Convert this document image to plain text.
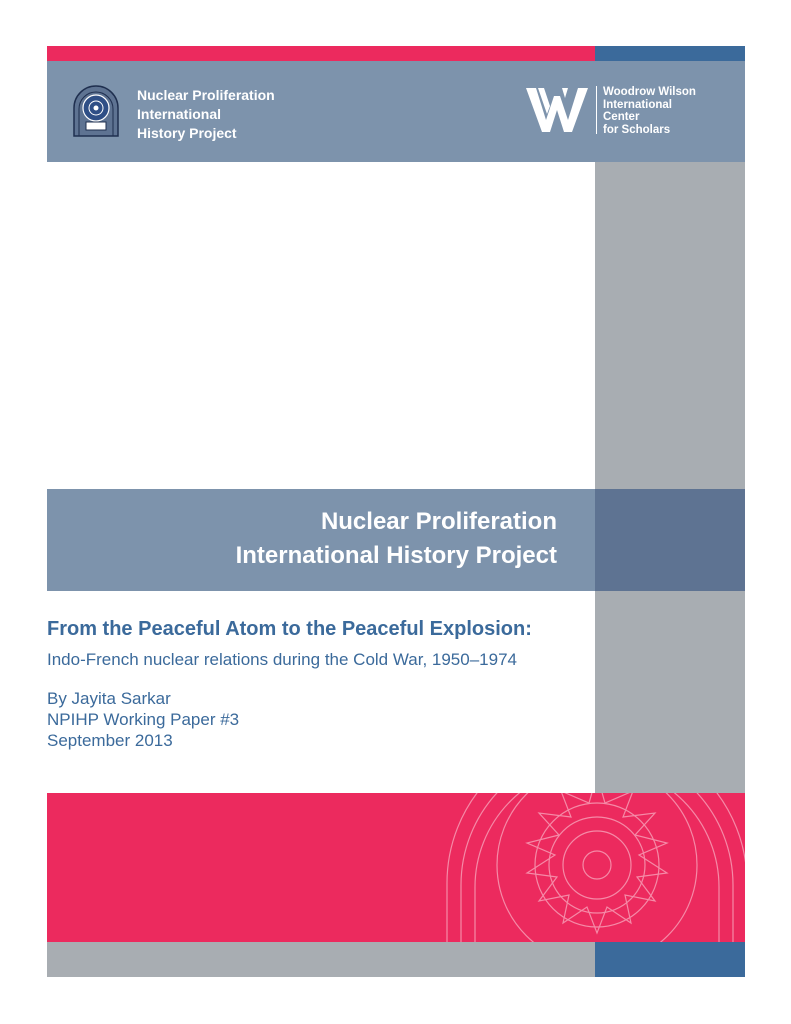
Nuclear Proliferation
International
History Project
Woodrow Wilson
International
Center
for Scholars
Nuclear Proliferation
International History Project
From the Peaceful Atom to the Peaceful Explosion:
Indo-French nuclear relations during the Cold War, 1950–1974
By Jayita Sarkar
NPIHP Working Paper #3
September 2013
